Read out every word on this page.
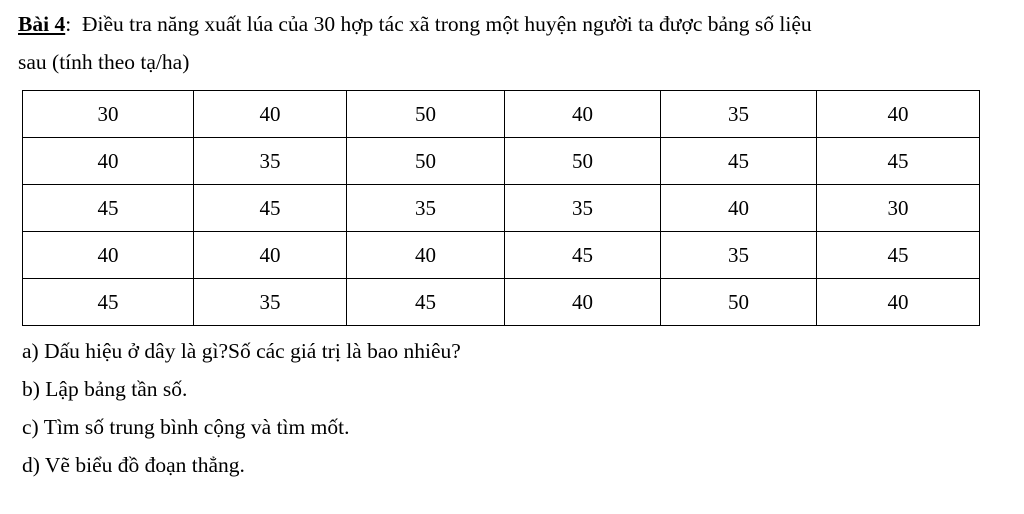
Bài 4: Điều tra năng xuất lúa của 30 hợp tác xã trong một huyện người ta được bảng số liệu
sau (tính theo tạ/ha)
30	40	50	40	35	40
40	35	50	50	45	45
45	45	35	35	40	30
40	40	40	45	35	45
45	35	45	40	50	40
a) Dấu hiệu ở dây là gì?Số các giá trị là bao nhiêu?
b) Lập bảng tần số.
c) Tìm số trung bình cộng và tìm mốt.
d) Vẽ biểu đồ đoạn thẳng.
